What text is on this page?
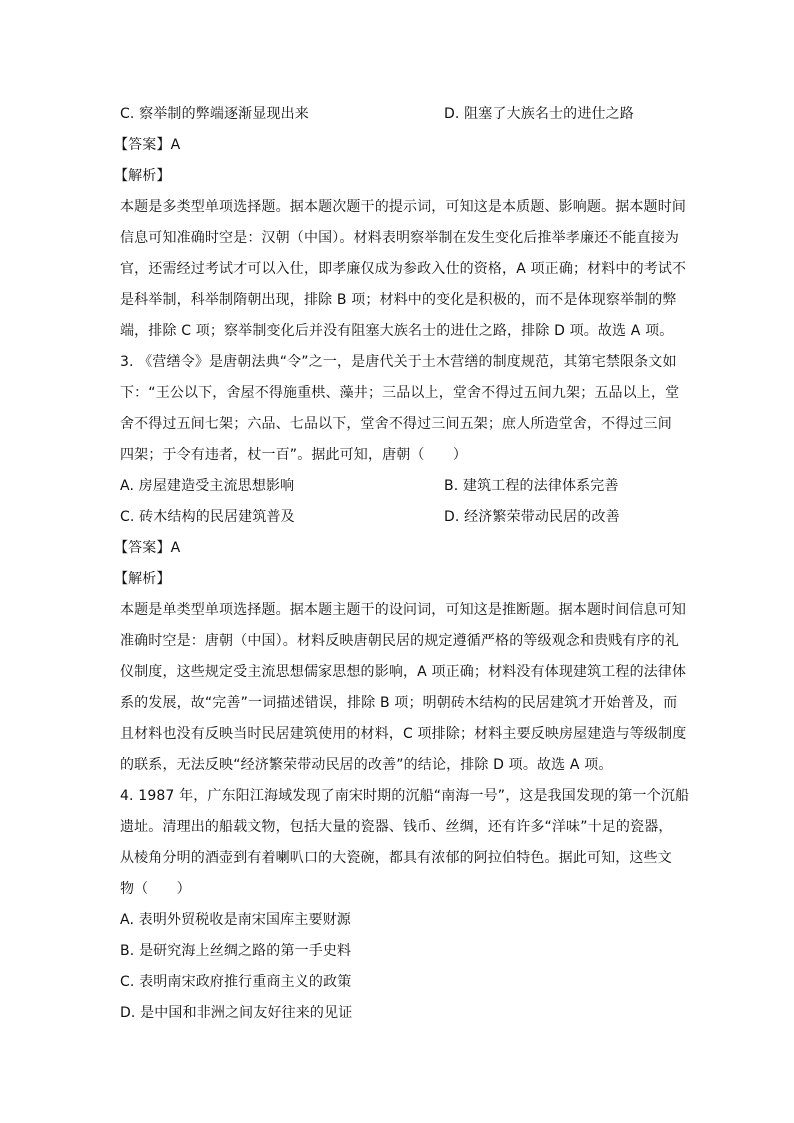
C. 察举制的弊端逐渐显现出来	D. 阻塞了大族名士的进仕之路
【答案】A
【解析】
本题是多类型单项选择题。据本题次题干的提示词，可知这是本质题、影响题。据本题时间
信息可知准确时空是：汉朝（中国）。材料表明察举制在发生变化后推举孝廉还不能直接为
官，还需经过考试才可以入仕，即孝廉仅成为参政入仕的资格，A 项正确；材料中的考试不
是科举制，科举制隋朝出现，排除 B 项；材料中的变化是积极的，而不是体现察举制的弊
端，排除 C 项；察举制变化后并没有阻塞大族名士的进仕之路，排除 D 项。故选 A 项。
3. 《营缮令》是唐朝法典“令”之一，是唐代关于土木营缮的制度规范，其第宅禁限条文如
下：“王公以下，舍屋不得施重栱、藻井；三品以上，堂舍不得过五间九架；五品以上，堂
舍不得过五间七架；六品、七品以下，堂舍不得过三间五架；庶人所造堂舍，不得过三间
四架；于令有违者，杖一百”。据此可知，唐朝（　　）
A. 房屋建造受主流思想影响	B. 建筑工程的法律体系完善
C. 砖木结构的民居建筑普及	D. 经济繁荣带动民居的改善
【答案】A
【解析】
本题是单类型单项选择题。据本题主题干的设问词，可知这是推断题。据本题时间信息可知
准确时空是：唐朝（中国）。材料反映唐朝民居的规定遵循严格的等级观念和贵贱有序的礼
仪制度，这些规定受主流思想儒家思想的影响，A 项正确；材料没有体现建筑工程的法律体
系的发展，故“完善”一词描述错误，排除 B 项；明朝砖木结构的民居建筑才开始普及，而
且材料也没有反映当时民居建筑使用的材料，C 项排除；材料主要反映房屋建造与等级制度
的联系，无法反映“经济繁荣带动民居的改善”的结论，排除 D 项。故选 A 项。
4. 1987 年，广东阳江海域发现了南宋时期的沉船“南海一号”，这是我国发现的第一个沉船
遗址。清理出的船载文物，包括大量的瓷器、钱币、丝绸，还有许多“洋味”十足的瓷器，
从棱角分明的酒壶到有着喇叭口的大瓷碗，都具有浓郁的阿拉伯特色。据此可知，这些文
物（　　）
A. 表明外贸税收是南宋国库主要财源
B. 是研究海上丝绸之路的第一手史料
C. 表明南宋政府推行重商主义的政策
D. 是中国和非洲之间友好往来的见证
